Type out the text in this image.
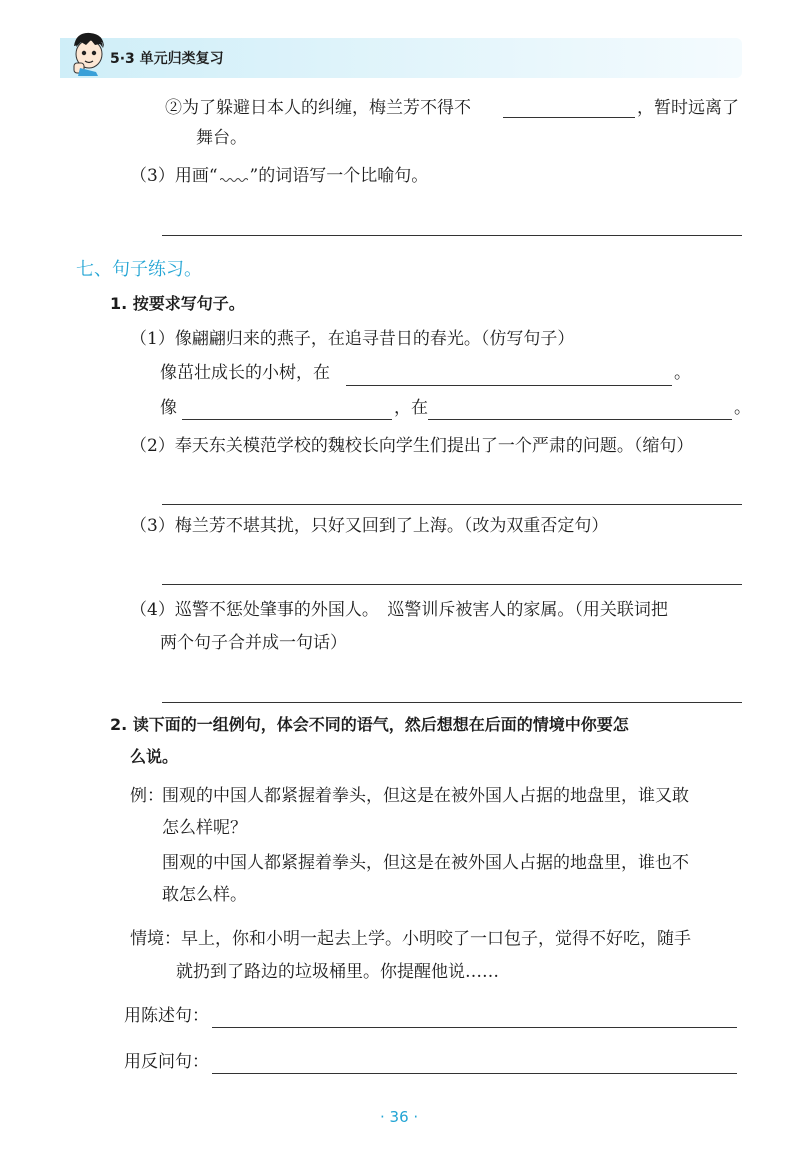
5·3 单元归类复习
②为了躲避日本人的纠缠，梅兰芳不得不	，暂时远离了
舞台。
（3）用画“ ”的词语写一个比喻句。
七、句子练习。
1. 按要求写句子。
（1）像翩翩归来的燕子，在追寻昔日的春光。（仿写句子）
像茁壮成长的小树，在	。
像	，在	。
（2）奉天东关模范学校的魏校长向学生们提出了一个严肃的问题。（缩句）
（3）梅兰芳不堪其扰，只好又回到了上海。（改为双重否定句）
（4）巡警不惩处肇事的外国人。　巡警训斥被害人的家属。（用关联词把
两个句子合并成一句话）
2. 读下面的一组例句，体会不同的语气，然后想想在后面的情境中你要怎
么说。
例：
围观的中国人都紧握着拳头，但这是在被外国人占据的地盘里，谁又敢
怎么样呢？
围观的中国人都紧握着拳头，但这是在被外国人占据的地盘里，谁也不
敢怎么样。
情境：早上，你和小明一起去上学。小明咬了一口包子，觉得不好吃，随手
就扔到了路边的垃圾桶里。你提醒他说……
用陈述句：
用反问句：
· 36 ·
